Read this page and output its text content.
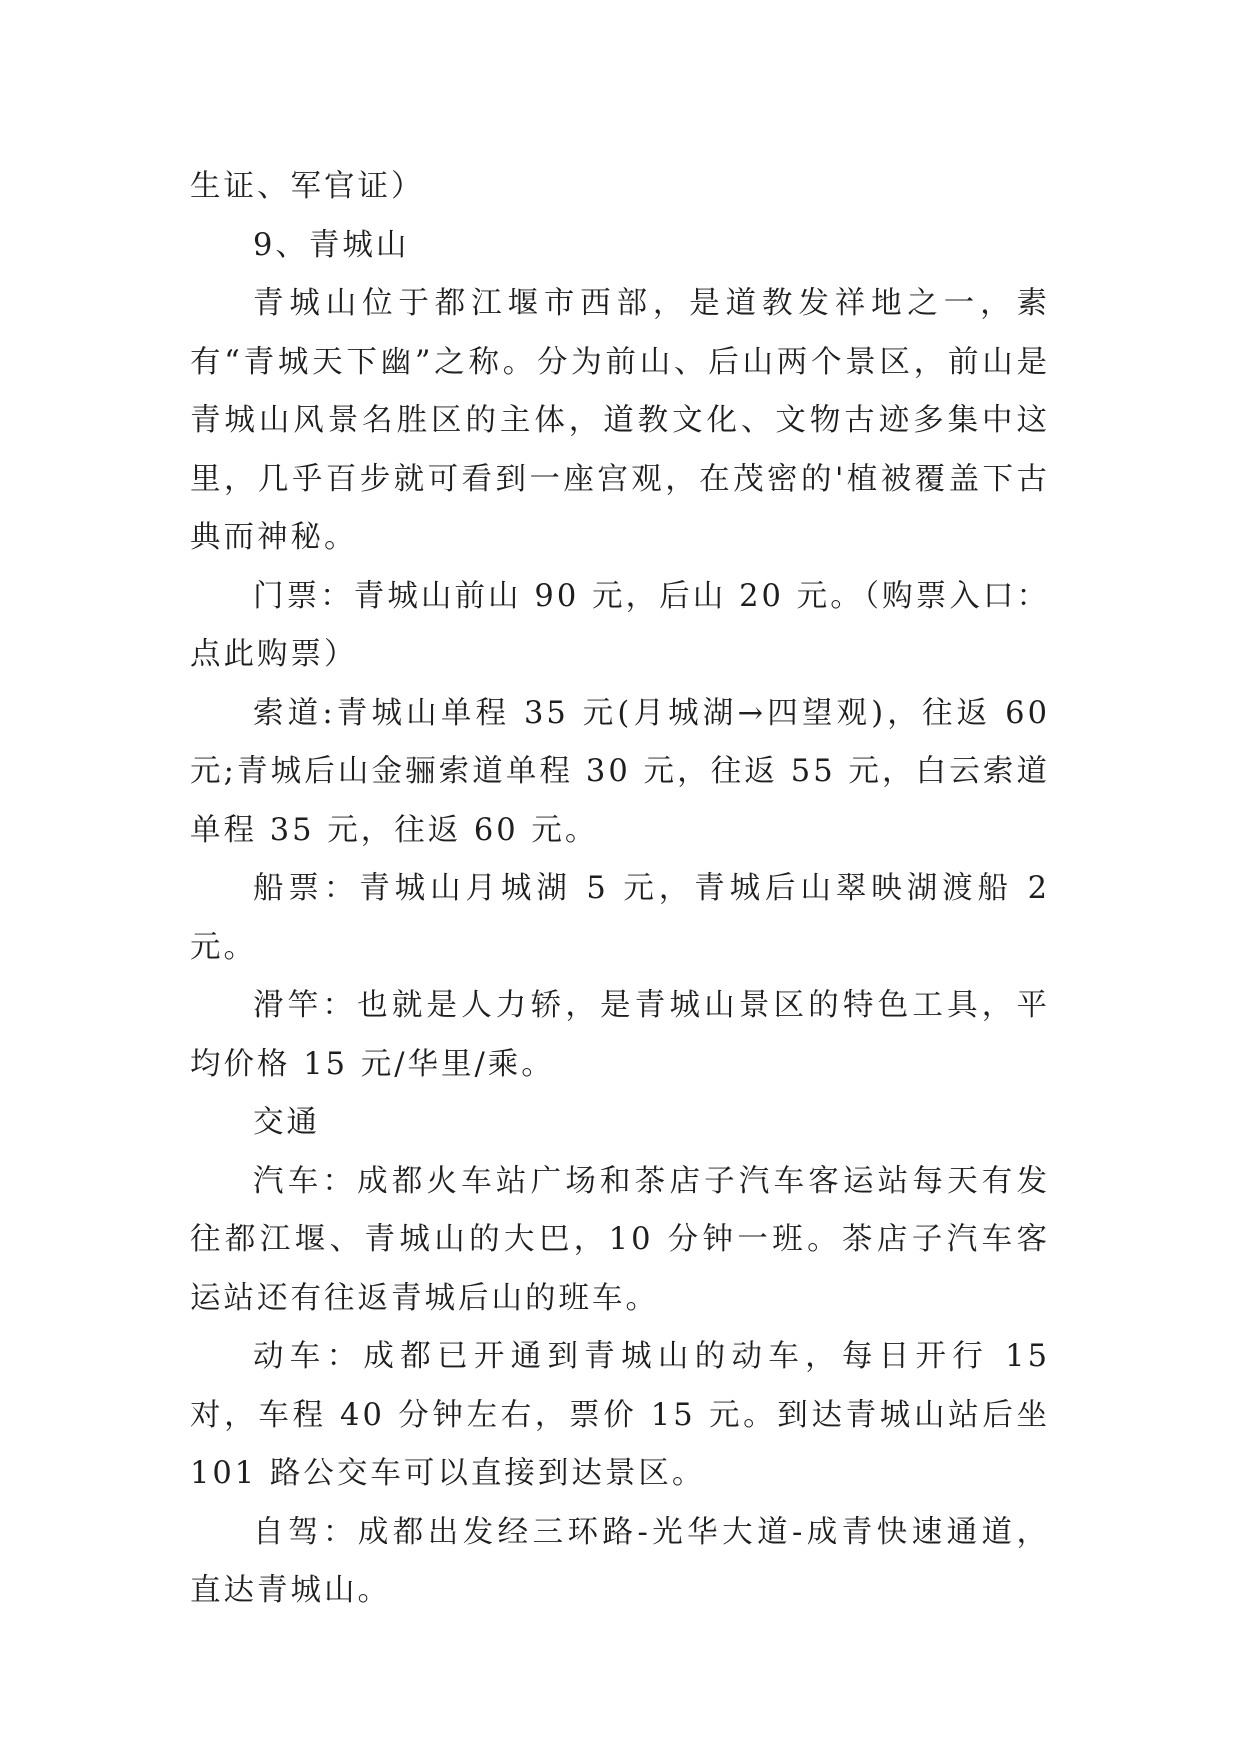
生证、军官证）

9、青城山

青城山位于都江堰市西部，是道教发祥地之一，素有“青城天下幽”之称。分为前山、后山两个景区，前山是青城山风景名胜区的主体，道教文化、文物古迹多集中这里，几乎百步就可看到一座宫观，在茂密的'植被覆盖下古典而神秘。

门票：青城山前山 90 元，后山 20 元。（购票入口：点此购票）

索道:青城山单程 35 元(月城湖→四望观)，往返 60 元;青城后山金骊索道单程 30 元，往返 55 元，白云索道单程 35 元，往返 60 元。

船票：青城山月城湖 5 元，青城后山翠映湖渡船 2 元。

滑竿：也就是人力轿，是青城山景区的特色工具，平均价格 15 元/华里/乘。

交通

汽车：成都火车站广场和茶店子汽车客运站每天有发往都江堰、青城山的大巴，10 分钟一班。茶店子汽车客运站还有往返青城后山的班车。

动车：成都已开通到青城山的动车，每日开行 15 对，车程 40 分钟左右，票价 15 元。到达青城山站后坐 101 路公交车可以直接到达景区。

自驾：成都出发经三环路-光华大道-成青快速通道，直达青城山。
